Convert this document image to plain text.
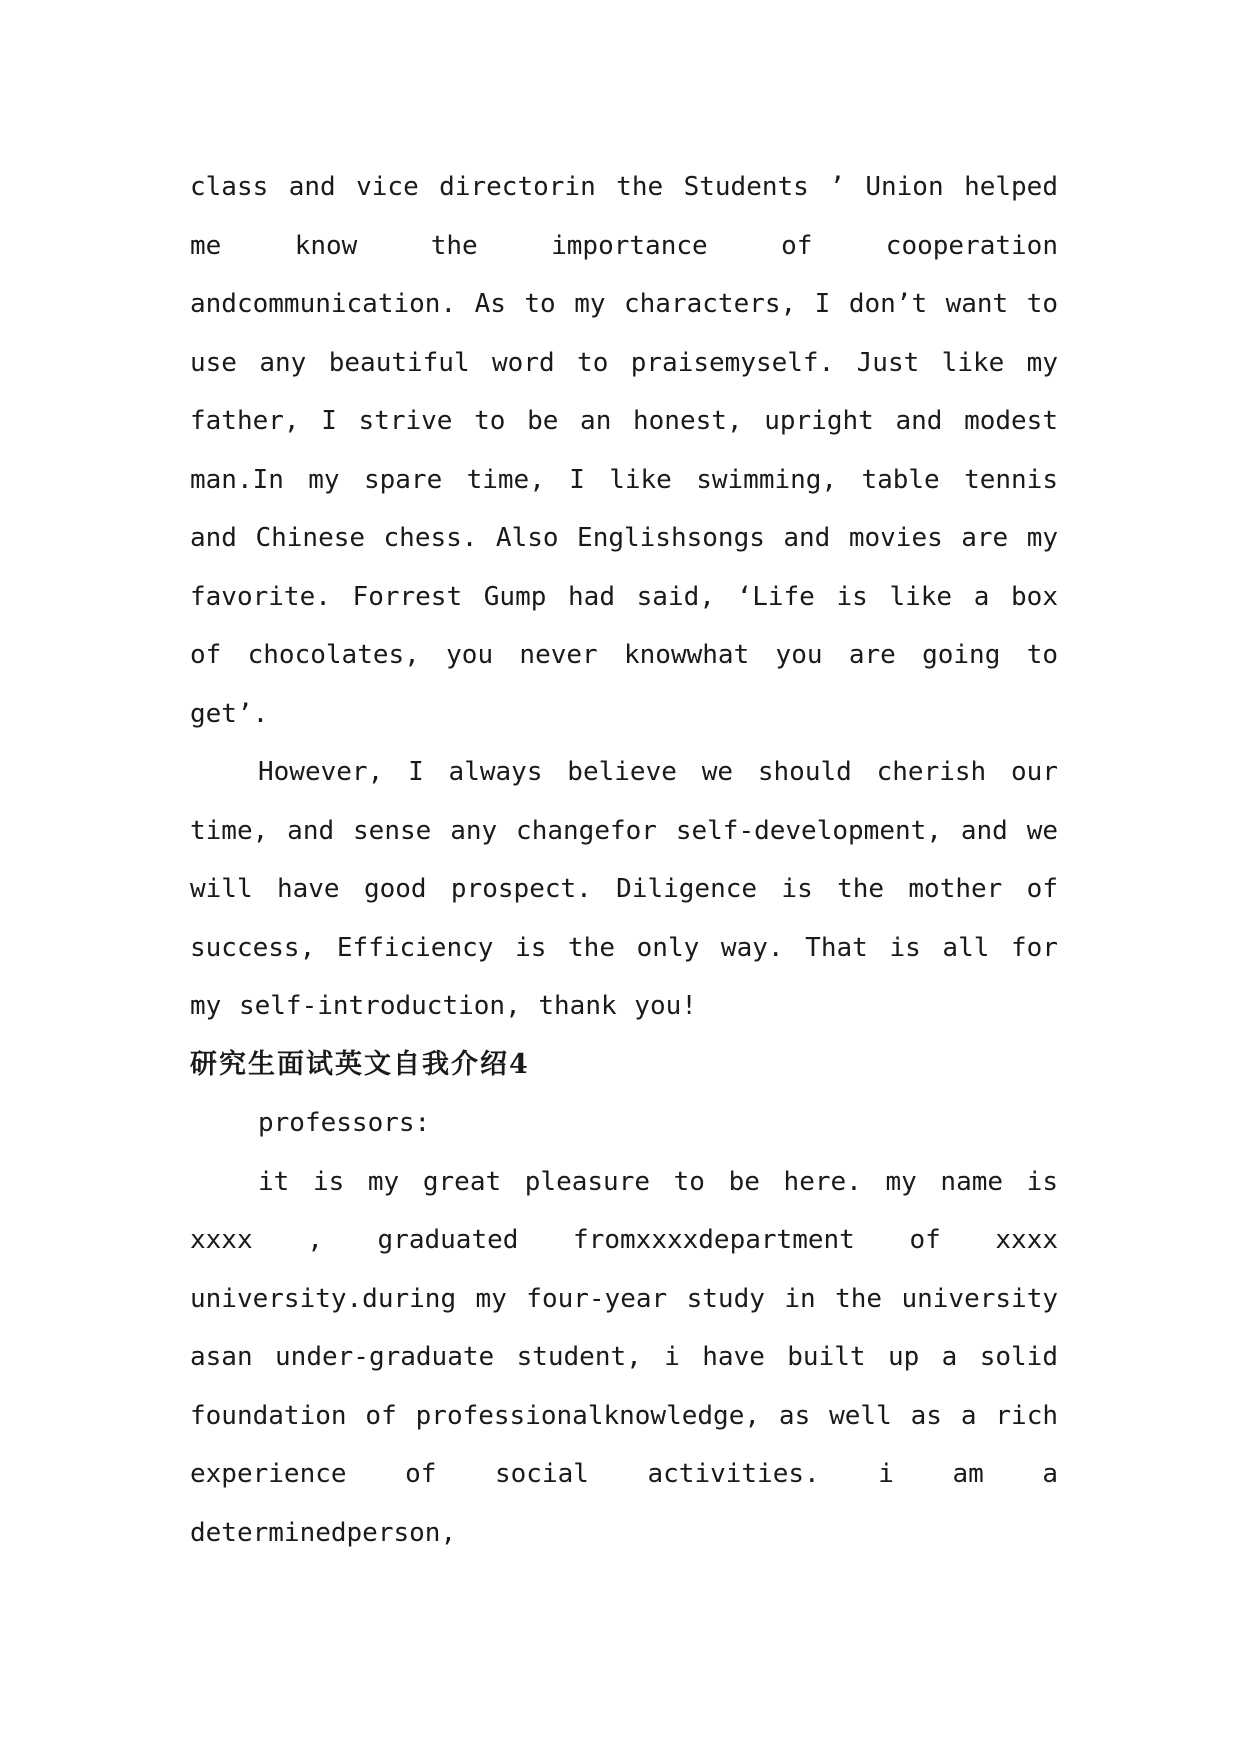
class and vice directorin the Students ’ Union helped me know the importance of cooperation andcommunication. As to my characters, I don’t want to use any beautiful word to praisemyself. Just like my father, I strive to be an honest, upright and modest man.In my spare time, I like swimming, table tennis and Chinese chess. Also Englishsongs and movies are my favorite. Forrest Gump had said, ‘Life is like a box of chocolates, you never knowwhat you are going to get’.

However, I always believe we should cherish our time, and sense any changefor self-development, and we will have good prospect. Diligence is the mother of success, Efficiency is the only way. That is all for my self-introduction, thank you!

研究生面试英文自我介绍4

professors:

it is my great pleasure to be here. my name is xxxx , graduated fromxxxxdepartment of xxxx university.during my four-year study in the university asan under-graduate student, i have built up a solid foundation of professionalknowledge, as well as a rich experience of social activities. i am a determinedperson,
